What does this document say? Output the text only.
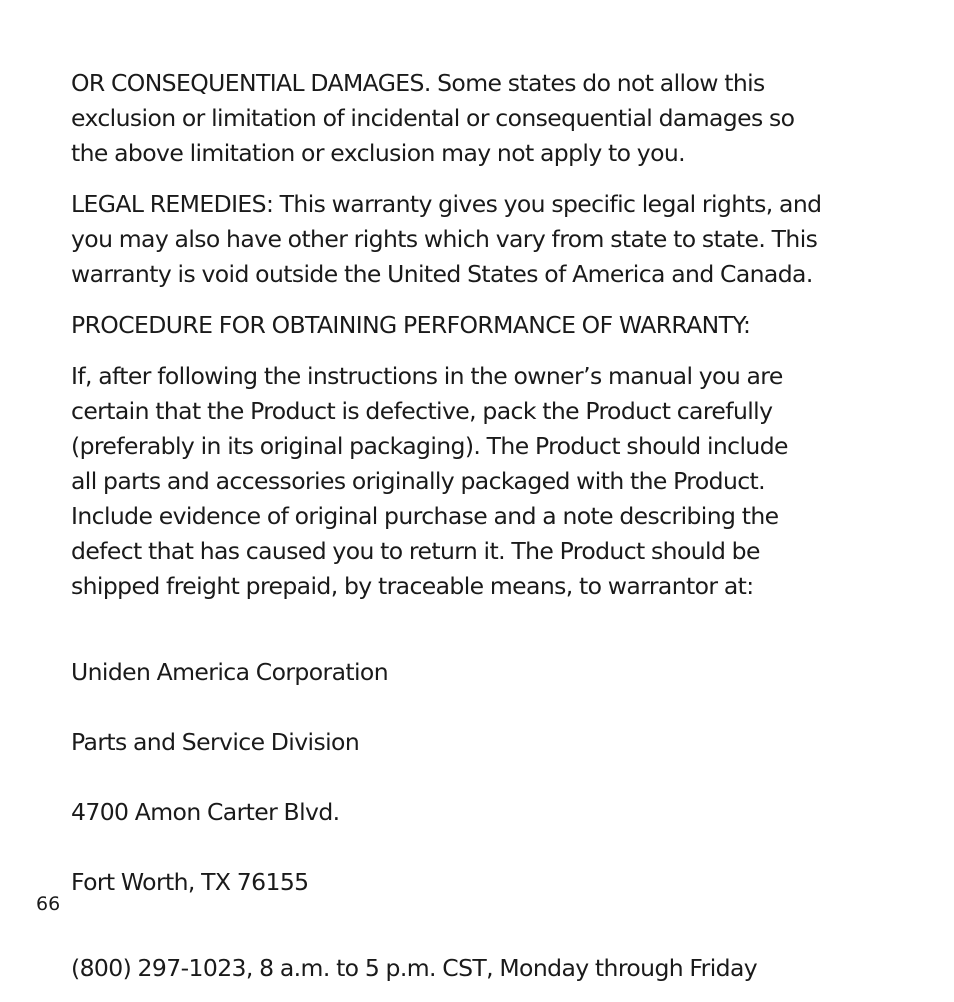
OR CONSEQUENTIAL DAMAGES. Some states do not allow this
exclusion or limitation of incidental or consequential damages so
the above limitation or exclusion may not apply to you.

LEGAL REMEDIES: This warranty gives you specific legal rights, and
you may also have other rights which vary from state to state. This
warranty is void outside the United States of America and Canada.

PROCEDURE FOR OBTAINING PERFORMANCE OF WARRANTY:

If, after following the instructions in the owner’s manual you are
certain that the Product is defective, pack the Product carefully
(preferably in its original packaging). The Product should include
all parts and accessories originally packaged with the Product.
Include evidence of original purchase and a note describing the
defect that has caused you to return it. The Product should be
shipped freight prepaid, by traceable means, to warrantor at:

Uniden America Corporation

Parts and Service Division

4700 Amon Carter Blvd.

Fort Worth, TX 76155

(800) 297-1023, 8 a.m. to 5 p.m. CST, Monday through Friday

66
